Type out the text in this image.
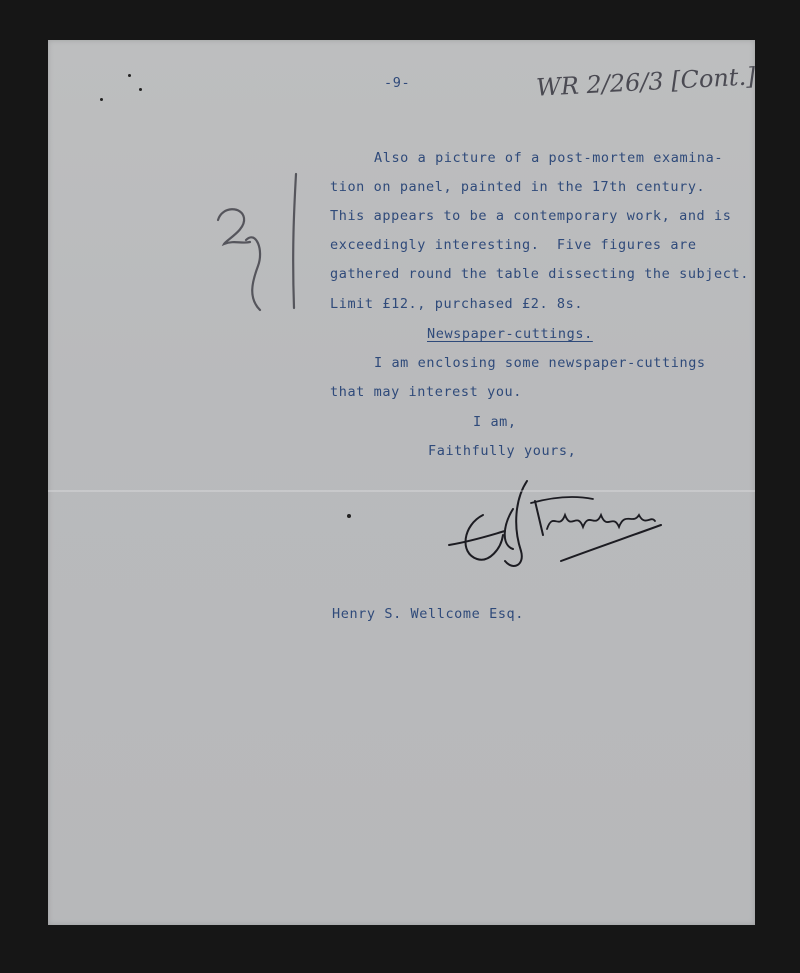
-9-	WR 2/26/3 [Cont.]
Also a picture of a post-mortem examina-
tion on panel, painted in the 17th century.
This appears to be a contemporary work, and is
exceedingly interesting.  Five figures are
gathered round the table dissecting the subject.
Limit £12., purchased £2. 8s.
Newspaper-cuttings.
I am enclosing some newspaper-cuttings
that may interest you.
I am,
Faithfully yours,
Henry S. Wellcome Esq.
